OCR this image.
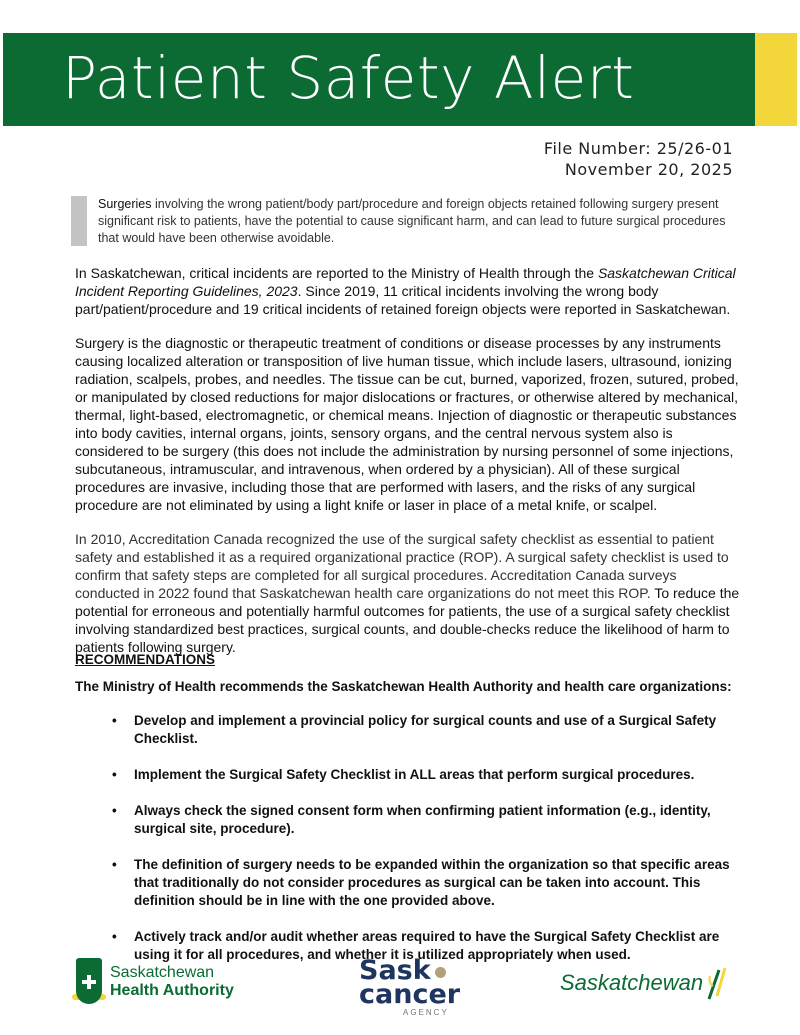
Patient Safety Alert
File Number: 25/26-01
November 20, 2025
Surgeries involving the wrong patient/body part/procedure and foreign objects retained following surgery present significant risk to patients, have the potential to cause significant harm, and can lead to future surgical procedures that would have been otherwise avoidable.
In Saskatchewan, critical incidents are reported to the Ministry of Health through the Saskatchewan Critical Incident Reporting Guidelines, 2023. Since 2019, 11 critical incidents involving the wrong body part/patient/procedure and 19 critical incidents of retained foreign objects were reported in Saskatchewan.
Surgery is the diagnostic or therapeutic treatment of conditions or disease processes by any instruments causing localized alteration or transposition of live human tissue, which include lasers, ultrasound, ionizing radiation, scalpels, probes, and needles. The tissue can be cut, burned, vaporized, frozen, sutured, probed, or manipulated by closed reductions for major dislocations or fractures, or otherwise altered by mechanical, thermal, light-based, electromagnetic, or chemical means. Injection of diagnostic or therapeutic substances into body cavities, internal organs, joints, sensory organs, and the central nervous system also is considered to be surgery (this does not include the administration by nursing personnel of some injections, subcutaneous, intramuscular, and intravenous, when ordered by a physician). All of these surgical procedures are invasive, including those that are performed with lasers, and the risks of any surgical procedure are not eliminated by using a light knife or laser in place of a metal knife, or scalpel.
In 2010, Accreditation Canada recognized the use of the surgical safety checklist as essential to patient safety and established it as a required organizational practice (ROP). A surgical safety checklist is used to confirm that safety steps are completed for all surgical procedures. Accreditation Canada surveys conducted in 2022 found that Saskatchewan health care organizations do not meet this ROP. To reduce the potential for erroneous and potentially harmful outcomes for patients, the use of a surgical safety checklist involving standardized best practices, surgical counts, and double-checks reduce the likelihood of harm to patients following surgery.
RECOMMENDATIONS
The Ministry of Health recommends the Saskatchewan Health Authority and health care organizations:
• Develop and implement a provincial policy for surgical counts and use of a Surgical Safety Checklist.
• Implement the Surgical Safety Checklist in ALL areas that perform surgical procedures.
• Always check the signed consent form when confirming patient information (e.g., identity, surgical site, procedure).
• The definition of surgery needs to be expanded within the organization so that specific areas that traditionally do not consider procedures as surgical can be taken into account. This definition should be in line with the one provided above.
• Actively track and/or audit whether areas required to have the Surgical Safety Checklist are using it for all procedures, and whether it is utilized appropriately when used.
Saskatchewan
Health Authority
Sask
cancer
AGENCY
Saskatchewan
